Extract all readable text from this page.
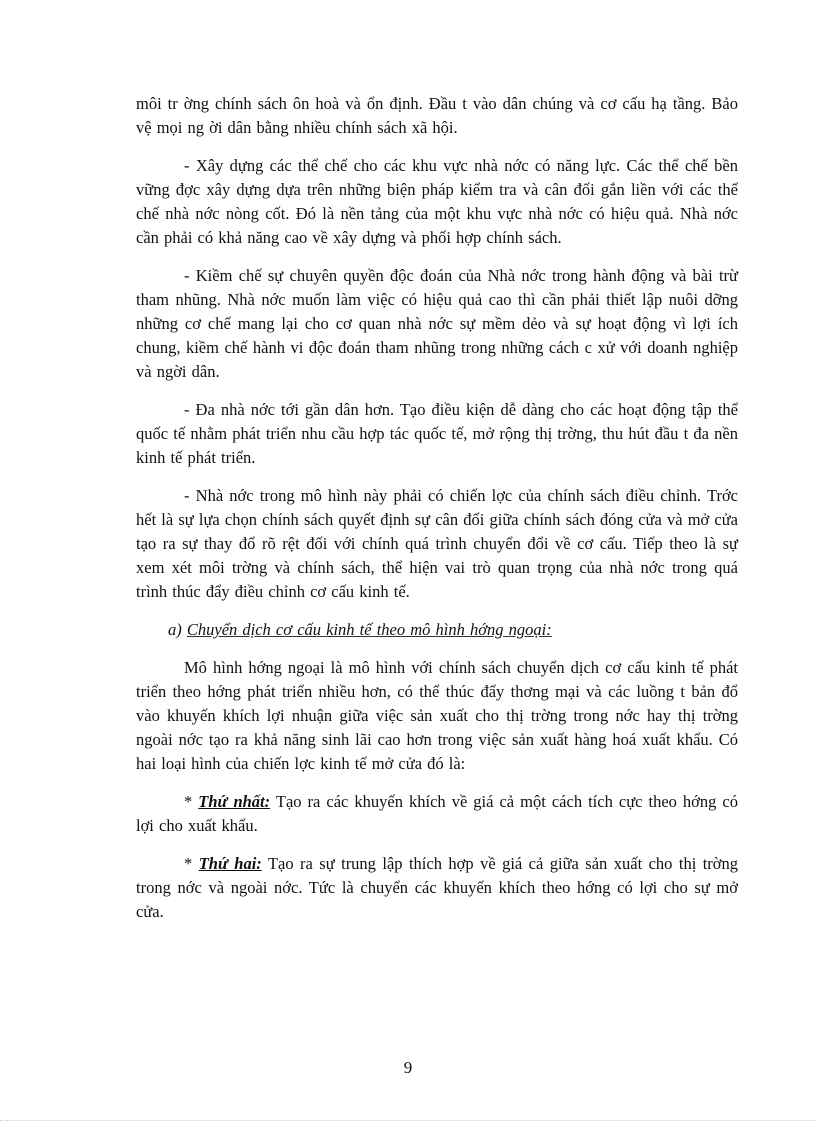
môi tr ờng chính sách ôn hoà và ổn định. Đầu t vào dân chúng và cơ cấu hạ tầng. Bảo vệ mọi ng ời dân bằng nhiều chính sách xã hội.

- Xây dựng các thể chế cho các khu vực nhà nớc có năng lực. Các thể chế bền vững đợc xây dựng dựa trên những biện pháp kiểm tra và cân đối gắn liền với các thể chế nhà nớc nòng cốt. Đó là nền tảng của một khu vực nhà nớc có hiệu quả. Nhà nớc cần phải có khả năng cao về xây dựng và phối hợp chính sách.

- Kiềm chế sự chuyên quyền độc đoán của Nhà nớc trong hành động và bài trừ tham nhũng. Nhà nớc muốn làm việc có hiệu quả cao thì cần phải thiết lập nuôi dỡng những cơ chế mang lại cho cơ quan nhà nớc sự mềm dẻo và sự hoạt động vì lợi ích chung, kiềm chế hành vi độc đoán tham nhũng trong những cách c xử với doanh nghiệp và ngời dân.

- Đa nhà nớc tới gần dân hơn. Tạo điều kiện dễ dàng cho các hoạt động tập thể quốc tế nhằm phát triển nhu cầu hợp tác quốc tế, mở rộng thị trờng, thu hút đầu t đa nền kinh tế phát triển.

- Nhà nớc trong mô hình này phải có chiến lợc của chính sách điều chỉnh. Trớc hết là sự lựa chọn chính sách quyết định sự cân đối giữa chính sách đóng cửa và mở cửa tạo ra sự thay đổ rõ rệt đối với chính quá trình chuyển đổi về cơ cấu. Tiếp theo là sự xem xét môi trờng và chính sách, thể hiện vai trò quan trọng của nhà nớc trong quá trình thúc đẩy điều chỉnh cơ cấu kinh tế.

a) Chuyển dịch cơ cấu kinh tế theo mô hình hớng ngoại:

Mô hình hớng ngoại là mô hình với chính sách chuyển dịch cơ cấu kinh tế phát triển theo hớng phát triển nhiều hơn, có thể thúc đẩy thơng mại và các luồng t bản đổ vào khuyến khích lợi nhuận giữa việc sản xuất cho thị trờng trong nớc hay thị trờng ngoài nớc tạo ra khả năng sinh lãi cao hơn trong việc sản xuất hàng hoá xuất khẩu. Có hai loại hình của chiến lợc kinh tế mở cửa đó là:

* Thứ nhất: Tạo ra các khuyến khích về giá cả một cách tích cực theo hớng có lợi cho xuất khẩu.

* Thứ hai: Tạo ra sự trung lập thích hợp về giá cả giữa sản xuất cho thị trờng trong nớc và ngoài nớc. Tức là chuyển các khuyến khích theo hớng có lợi cho sự mở cửa.

9
